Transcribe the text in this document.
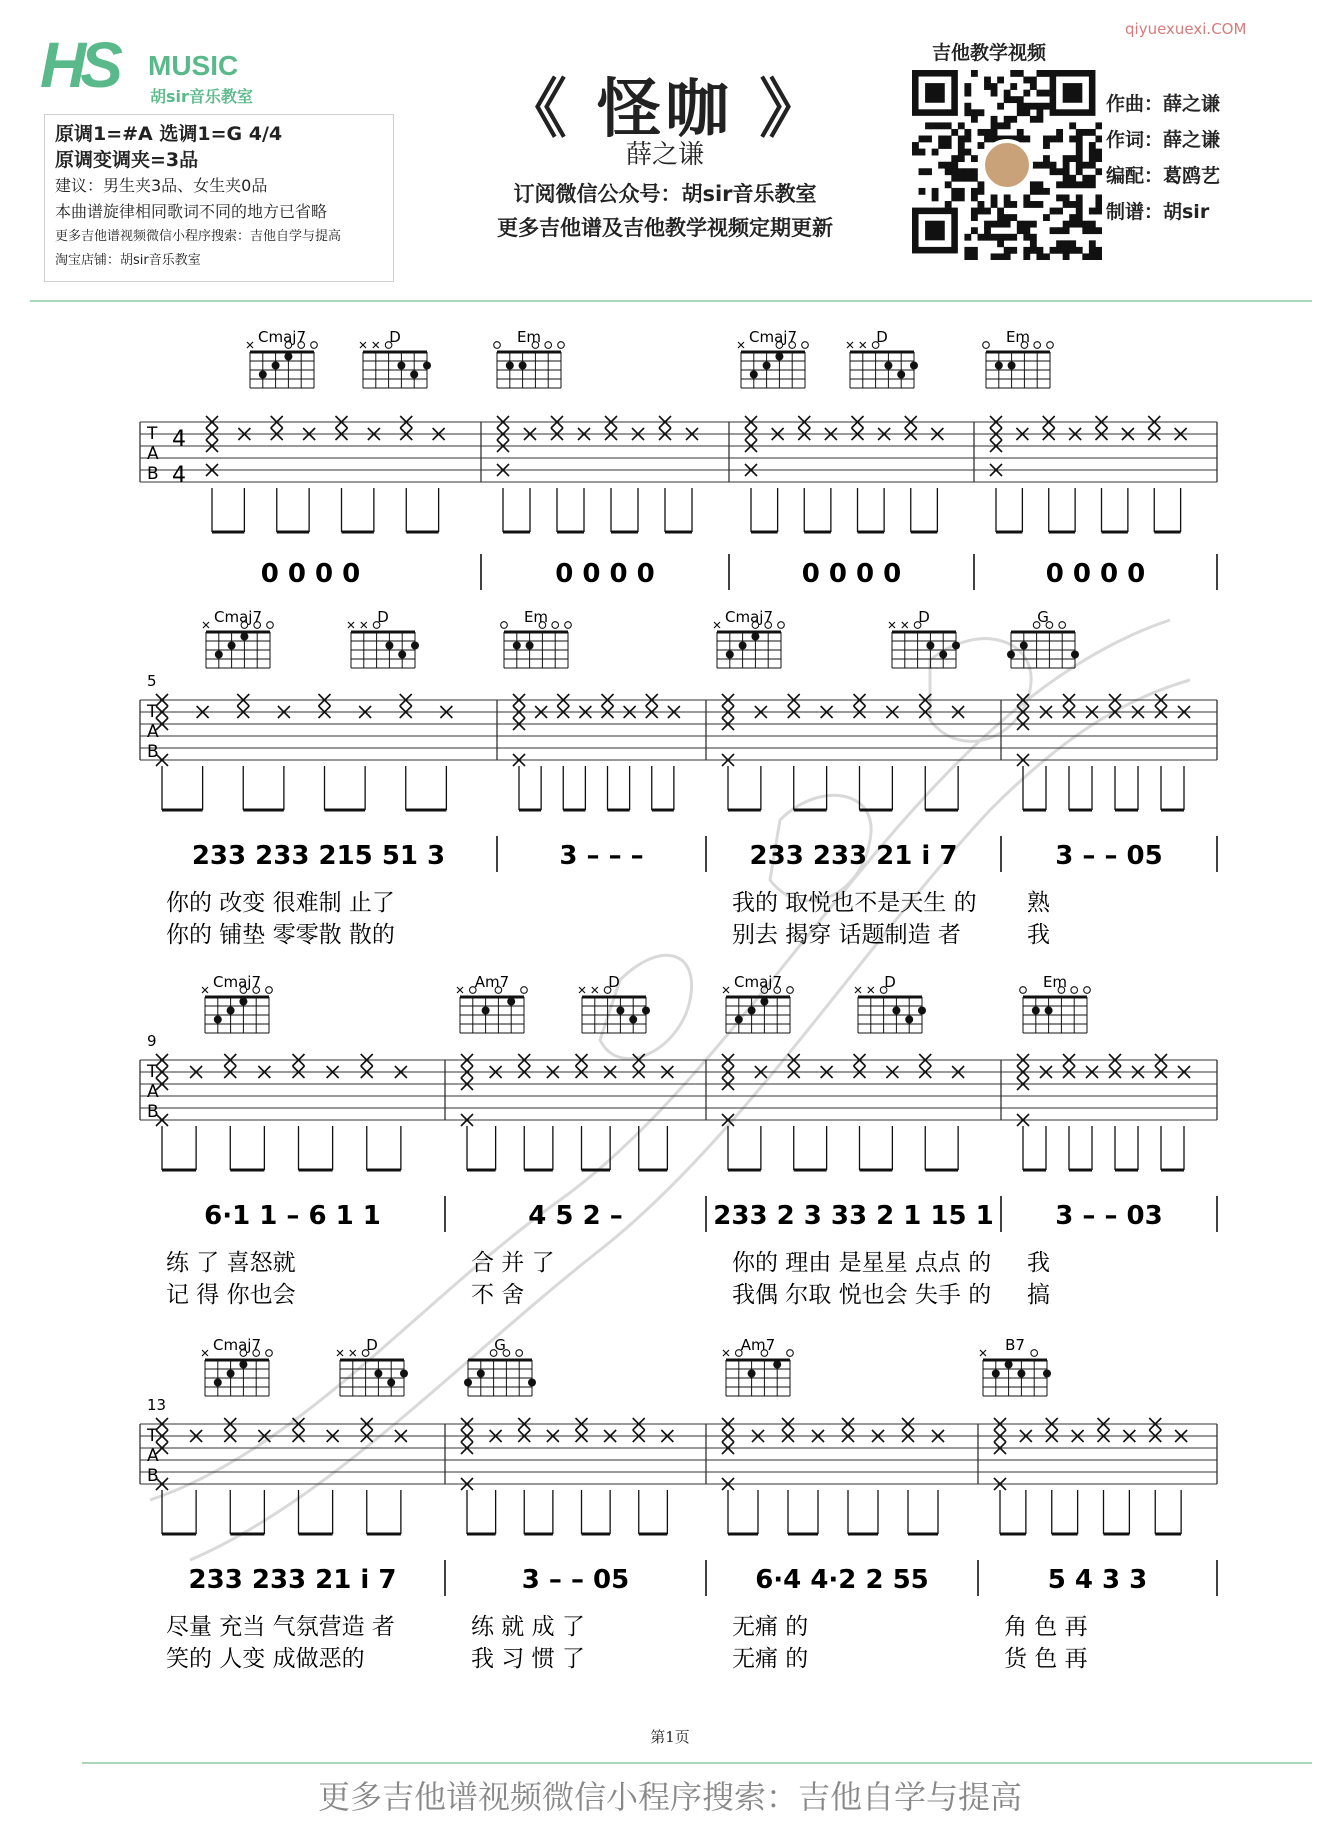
HS MUSIC
胡sir音乐教室
原调1=#A 选调1=G 4/4
原调变调夹=3品
建议：男生夹3品、女生夹0品
本曲谱旋律相同歌词不同的地方已省略
更多吉他谱视频微信小程序搜索：吉他自学与提高
淘宝店铺：胡sir音乐教室
《 怪咖 》
薛之谦
订阅微信公众号：胡sir音乐教室
更多吉他谱及吉他教学视频定期更新
qiyuexuexi.COM
吉他教学视频
作曲：薛之谦
作词：薛之谦
编配：葛鸥艺
制谱：胡sir
Cmaj7	D	Em	Cmaj7	D	Em
T
A
B
4
4
0 0 0 0	0 0 0 0	0 0 0 0	0 0 0 0
Cmaj7	D	Em	Cmaj7	D	G
5
T
A
B
233 233 215 51 3	3 – – –	233 233 21 i 7	3 – – 05
你的 改变 很难制 止了	我的 取悦也不是天生 的 熟
你的 铺垫 零零散 散的	别去 揭穿 话题制造 者	我
Cmaj7	Am7	D	Cmaj7	D	Em
9
T
A
B
6·1 1 – 6 1 1	4 5 2 –	233 2 3 33 2 1 15 1 3 – – 03
练 了 喜怒就	合 并 了	你的 理由 是星星 点点 的 我
记 得 你也会	不 舍	我偶 尔取 悦也会 失手 的 搞
Cmaj7	D	G	Am7	B7
13
T
A
B
233 233 21 i 7	3 – – 05	6·4 4·2 2 55	5 4 3 3
尽量 充当 气氛营造 者	练 就 成 了	无痛 的	角 色 再
笑的 人变 成做恶的	我 习 惯 了	无痛 的	货 色 再
第1页
更多吉他谱视频微信小程序搜索：吉他自学与提高
